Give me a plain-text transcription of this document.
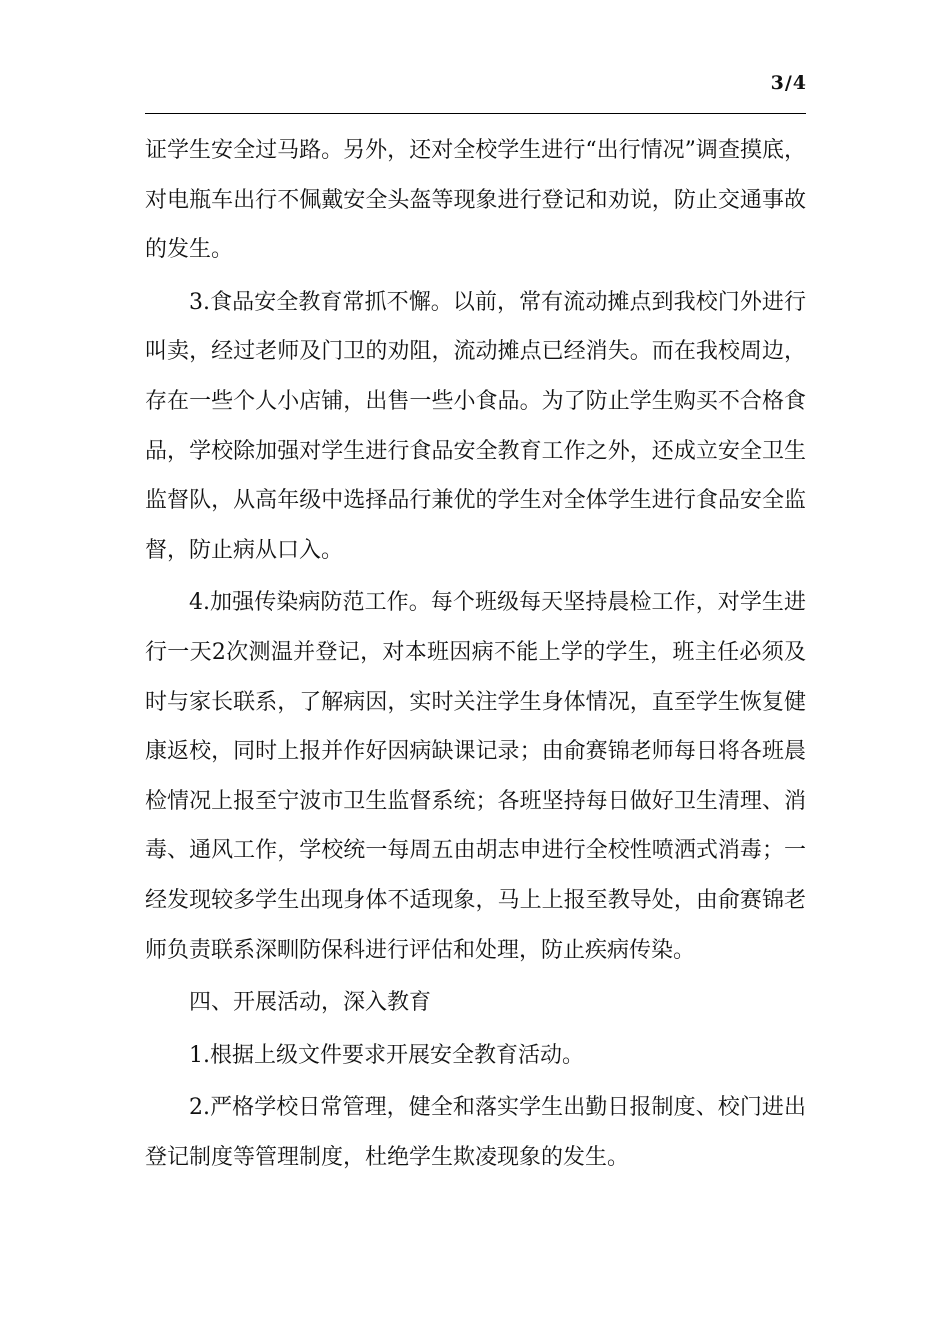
3/4

证学生安全过马路。另外，还对全校学生进行“出行情况”调查摸底，对电瓶车出行不佩戴安全头盔等现象进行登记和劝说，防止交通事故的发生。

3.食品安全教育常抓不懈。以前，常有流动摊点到我校门外进行叫卖，经过老师及门卫的劝阻，流动摊点已经消失。而在我校周边，存在一些个人小店铺，出售一些小食品。为了防止学生购买不合格食品，学校除加强对学生进行食品安全教育工作之外，还成立安全卫生监督队，从高年级中选择品行兼优的学生对全体学生进行食品安全监督，防止病从口入。

4.加强传染病防范工作。每个班级每天坚持晨检工作，对学生进行一天2次测温并登记，对本班因病不能上学的学生，班主任必须及时与家长联系，了解病因，实时关注学生身体情况，直至学生恢复健康返校，同时上报并作好因病缺课记录；由俞赛锦老师每日将各班晨检情况上报至宁波市卫生监督系统；各班坚持每日做好卫生清理、消毒、通风工作，学校统一每周五由胡志申进行全校性喷洒式消毒；一经发现较多学生出现身体不适现象，马上上报至教导处，由俞赛锦老师负责联系深甽防保科进行评估和处理，防止疾病传染。

四、开展活动，深入教育

1.根据上级文件要求开展安全教育活动。

2.严格学校日常管理，健全和落实学生出勤日报制度、校门进出登记制度等管理制度，杜绝学生欺凌现象的发生。
